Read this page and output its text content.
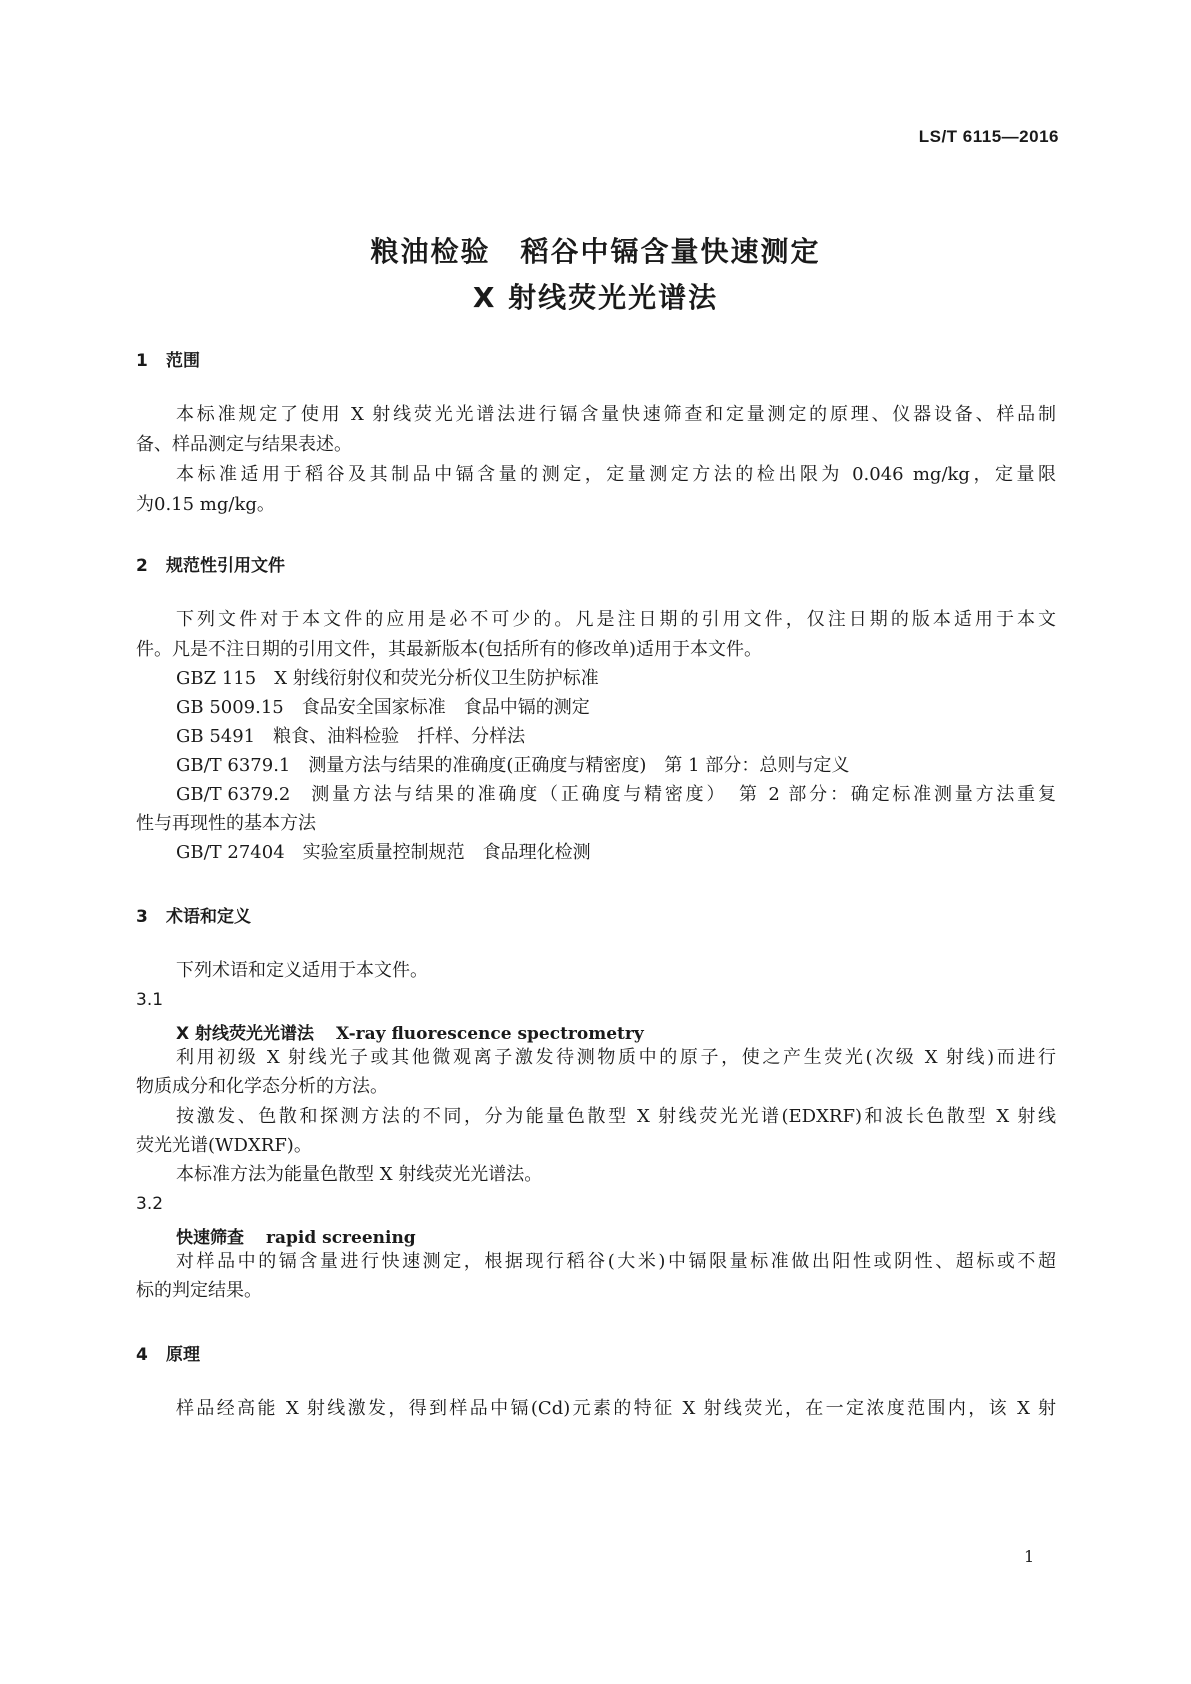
LS/T 6115—2016
粮油检验　稻谷中镉含量快速测定
X 射线荧光光谱法
1 范围
本标准规定了使用 X 射线荧光光谱法进行镉含量快速筛查和定量测定的原理、仪器设备、样品制
备、样品测定与结果表述。
本标准适用于稻谷及其制品中镉含量的测定，定量测定方法的检出限为 0.046 mg/kg，定量限
为0.15 mg/kg。
2 规范性引用文件
下列文件对于本文件的应用是必不可少的。凡是注日期的引用文件，仅注日期的版本适用于本文
件。凡是不注日期的引用文件，其最新版本(包括所有的修改单)适用于本文件。
GBZ 115 X 射线衍射仪和荧光分析仪卫生防护标准
GB 5009.15 食品安全国家标准　食品中镉的测定
GB 5491 粮食、油料检验　扦样、分样法
GB/T 6379.1 测量方法与结果的准确度(正确度与精密度)　第 1 部分：总则与定义
GB/T 6379.2 测量方法与结果的准确度（正确度与精密度）　第 2 部分：确定标准测量方法重复
性与再现性的基本方法
GB/T 27404 实验室质量控制规范　食品理化检测
3 术语和定义
下列术语和定义适用于本文件。
3.1
X 射线荧光光谱法 X-ray fluorescence spectrometry
利用初级 X 射线光子或其他微观离子激发待测物质中的原子，使之产生荧光(次级 X 射线)而进行
物质成分和化学态分析的方法。
按激发、色散和探测方法的不同，分为能量色散型 X 射线荧光光谱(EDXRF)和波长色散型 X 射线
荧光光谱(WDXRF)。
本标准方法为能量色散型 X 射线荧光光谱法。
3.2
快速筛查 rapid screening
对样品中的镉含量进行快速测定，根据现行稻谷(大米)中镉限量标准做出阳性或阴性、超标或不超
标的判定结果。
4 原理
样品经高能 X 射线激发，得到样品中镉(Cd)元素的特征 X 射线荧光，在一定浓度范围内，该 X 射
1
